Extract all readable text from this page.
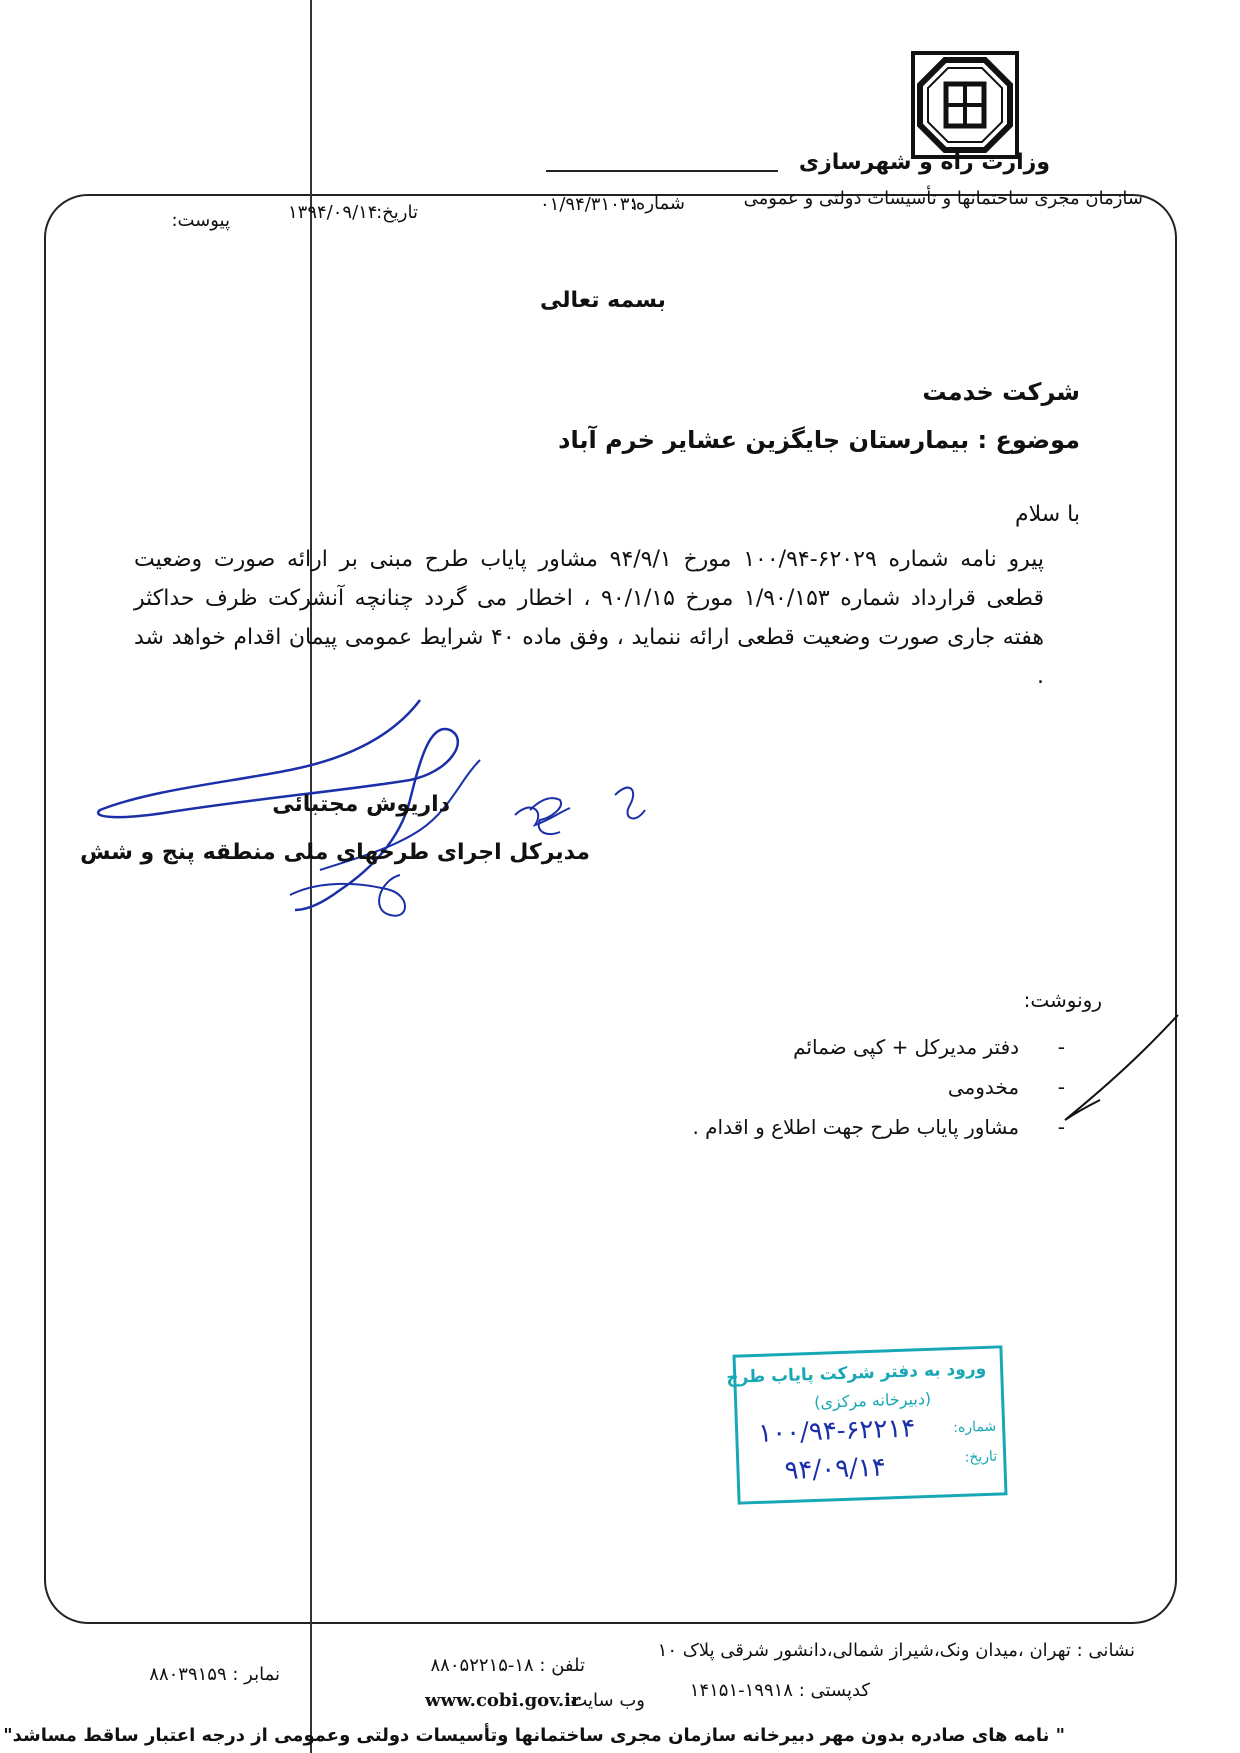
وزارت راه و شهرسازی
سازمان مجری ساختمانها و تأسیسات دولتی و عمومی
شماره:
۰۱/۹۴/۳۱۰۳۱
تاریخ:
۱۳۹۴/۰۹/۱۴
پیوست:
بسمه تعالی
شرکت خدمت
موضوع : بیمارستان جایگزین عشایر خرم آباد
با سلام
پیرو نامه شماره ۶۲۰۲۹-۱۰۰/۹۴ مورخ ۹۴/۹/۱ مشاور پایاب طرح مبنی بر ارائه صورت وضعیت قطعی قرارداد شماره ۱/۹۰/۱۵۳ مورخ ۹۰/۱/۱۵ ، اخطار می گردد چنانچه آنشرکت ظرف حداکثر هفته جاری صورت وضعیت قطعی ارائه ننماید ، وفق ماده ۴۰ شرایط عمومی پیمان اقدام خواهد شد .
داریوش مجتبائی
مدیرکل اجرای طرحهای ملی منطقه پنج و شش
رونوشت:
-  دفتر مدیرکل + کپی ضمائم
-  مخدومی
-  مشاور پایاب طرح جهت اطلاع و اقدام .
ورود به دفتر شرکت پایاب طرح
(دبیرخانه مرکزی)
شماره:
تاریخ:
۱۰۰/۹۴-۶۲۲۱۴
۹۴/۰۹/۱۴
نشانی : تهران ،میدان ونک،شیراز شمالی،دانشور شرقی پلاک ۱۰
کدپستی : ۱۹۹۱۸-۱۴۱۵۱
تلفن : ۱۸-۸۸۰۵۲۲۱۵
وب سایت:
www.cobi.gov.ir
نمابر : ۸۸۰۳۹۱۵۹
" نامه های صادره بدون مهر دبیرخانه سازمان مجری ساختمانها وتأسیسات دولتی وعمومی از درجه اعتبار ساقط مساشد"
